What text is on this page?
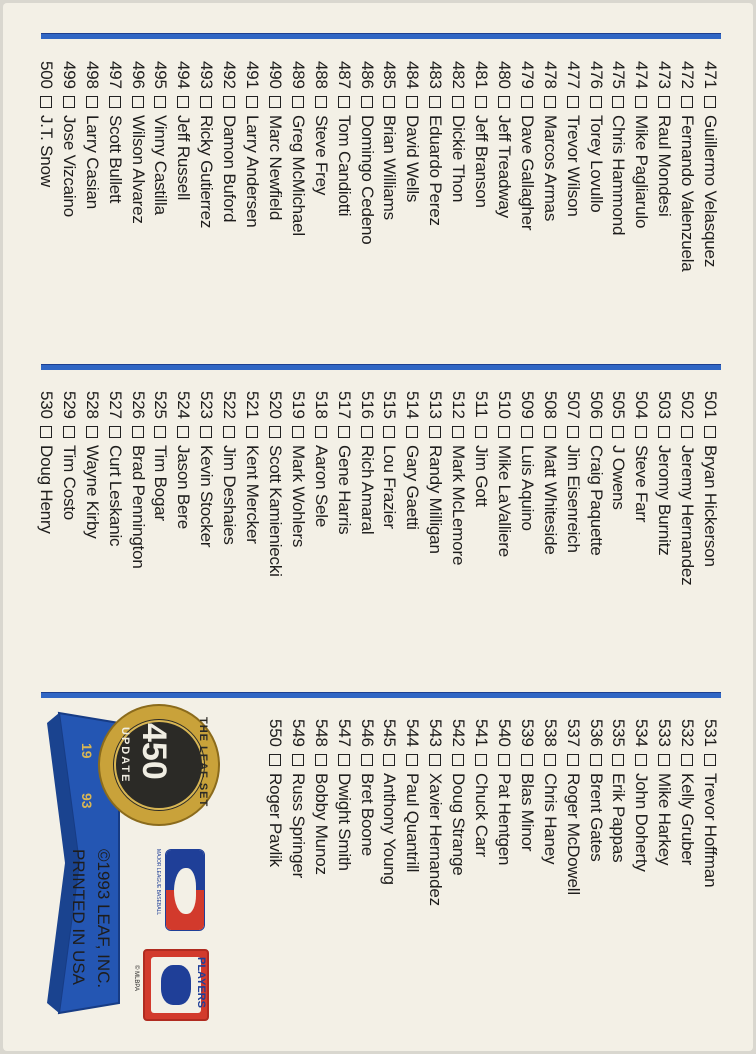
471Guillermo Velasquez
472Fernando Valenzuela
473Raul Mondesi
474Mike Pagliarulo
475Chris Hammond
476Torey Lovullo
477Trevor Wilson
478Marcos Armas
479Dave Gallagher
480Jeff Treadway
481Jeff Branson
482Dickie Thon
483Eduardo Perez
484David Wells
485Brian Williams
486Domingo Cedeno
487Tom Candiotti
488Steve Frey
489Greg McMichael
490Marc Newfield
491Larry Andersen
492Damon Buford
493Ricky Gutierrez
494Jeff Russell
495Vinny Castilla
496Wilson Alvarez
497Scott Bullett
498Larry Casian
499Jose Vizcaino
500J.T. Snow
501Bryan Hickerson
502Jeremy Hernandez
503Jeromy Burnitz
504Steve Farr
505J Owens
506Craig Paquette
507Jim Eisenreich
508Matt Whiteside
509Luis Aquino
510Mike LaValliere
511Jim Gott
512Mark McLemore
513Randy Milligan
514Gary Gaetti
515Lou Frazier
516Rich Amaral
517Gene Harris
518Aaron Sele
519Mark Wohlers
520Scott Kamieniecki
521Kent Mercker
522Jim Deshaies
523Kevin Stocker
524Jason Bere
525Tim Bogar
526Brad Pennington
527Curt Leskanic
528Wayne Kirby
529Tim Costo
530Doug Henry
531Trevor Hoffman
532Kelly Gruber
533Mike Harkey
534John Doherty
535Erik Pappas
536Brent Gates
537Roger McDowell
538Chris Haney
539Blas Minor
540Pat Hentgen
541Chuck Carr
542Doug Strange
543Xavier Hernandez
544Paul Quantrill
545Anthony Young
546Bret Boone
547Dwight Smith
548Bobby Munoz
549Russ Springer
550Roger Pavlik
450 THE LEAF SET
UPDATE
19
93
MAJOR LEAGUE BASEBALL
PLAYERS
© MLBPA
©1993 LEAF, INC.
PRINTED IN USA
